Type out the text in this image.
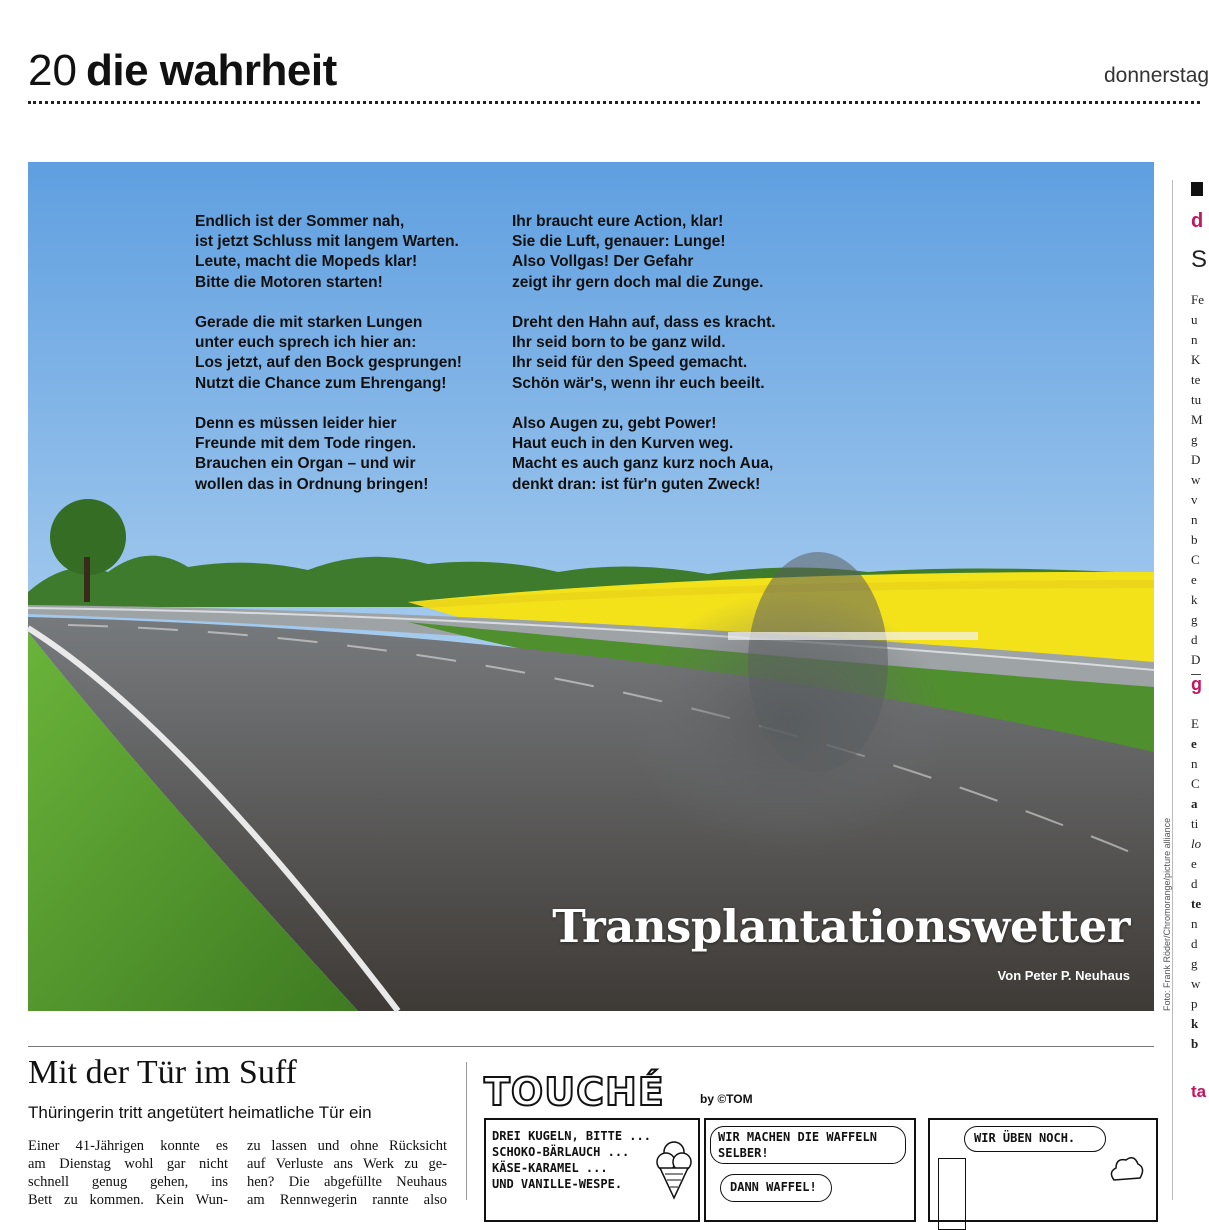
20 die wahrheit	donnerstag
Endlich ist der Sommer nah,
ist jetzt Schluss mit langem Warten.
Leute, macht die Mopeds klar!
Bitte die Motoren starten!
Gerade die mit starken Lungen
unter euch sprech ich hier an:
Los jetzt, auf den Bock gesprungen!
Nutzt die Chance zum Ehrengang!
Denn es müssen leider hier
Freunde mit dem Tode ringen.
Brauchen ein Organ – und wir
wollen das in Ordnung bringen!
Ihr braucht eure Action, klar!
Sie die Luft, genauer: Lunge!
Also Vollgas! Der Gefahr
zeigt ihr gern doch mal die Zunge.
Dreht den Hahn auf, dass es kracht.
Ihr seid born to be ganz wild.
Ihr seid für den Speed gemacht.
Schön wär's, wenn ihr euch beeilt.
Also Augen zu, gebt Power!
Haut euch in den Kurven weg.
Macht es auch ganz kurz noch Aua,
denkt dran: ist für'n guten Zweck!
Transplantationswetter
Von Peter P. Neuhaus	Foto: Frank Röder/Chromorange/picture alliance
Mit der Tür im Suff
Thüringerin tritt angetütert heimatliche Tür ein
Einer 41-Jährigen konnte es
am Dienstag wohl gar nicht
schnell genug gehen, ins
Bett zu kommen. Kein Wun-
zu lassen und ohne Rücksicht
auf Verluste ans Werk zu ge-
hen? Die abgefüllte Neuhaus
am Rennwegerin rannte also
TOUCHÉ	by ©TOM
DREI KUGELN, BITTE ...
SCHOKO-BÄRLAUCH ...
KÄSE-KARAMEL ...
UND VANILLE-WESPE.
WIR MACHEN DIE WAFFELN
SELBER!
DANN WAFFEL!
WIR ÜBEN NOCH.
d
S
Fe
u
n
K
te
tu
M
g
D
w
v
n
b
C
e
k
g
d
D
g
E
e
n
C
a
ti
lo
e
d
te
n
d
g
w
p
k
b
ta
